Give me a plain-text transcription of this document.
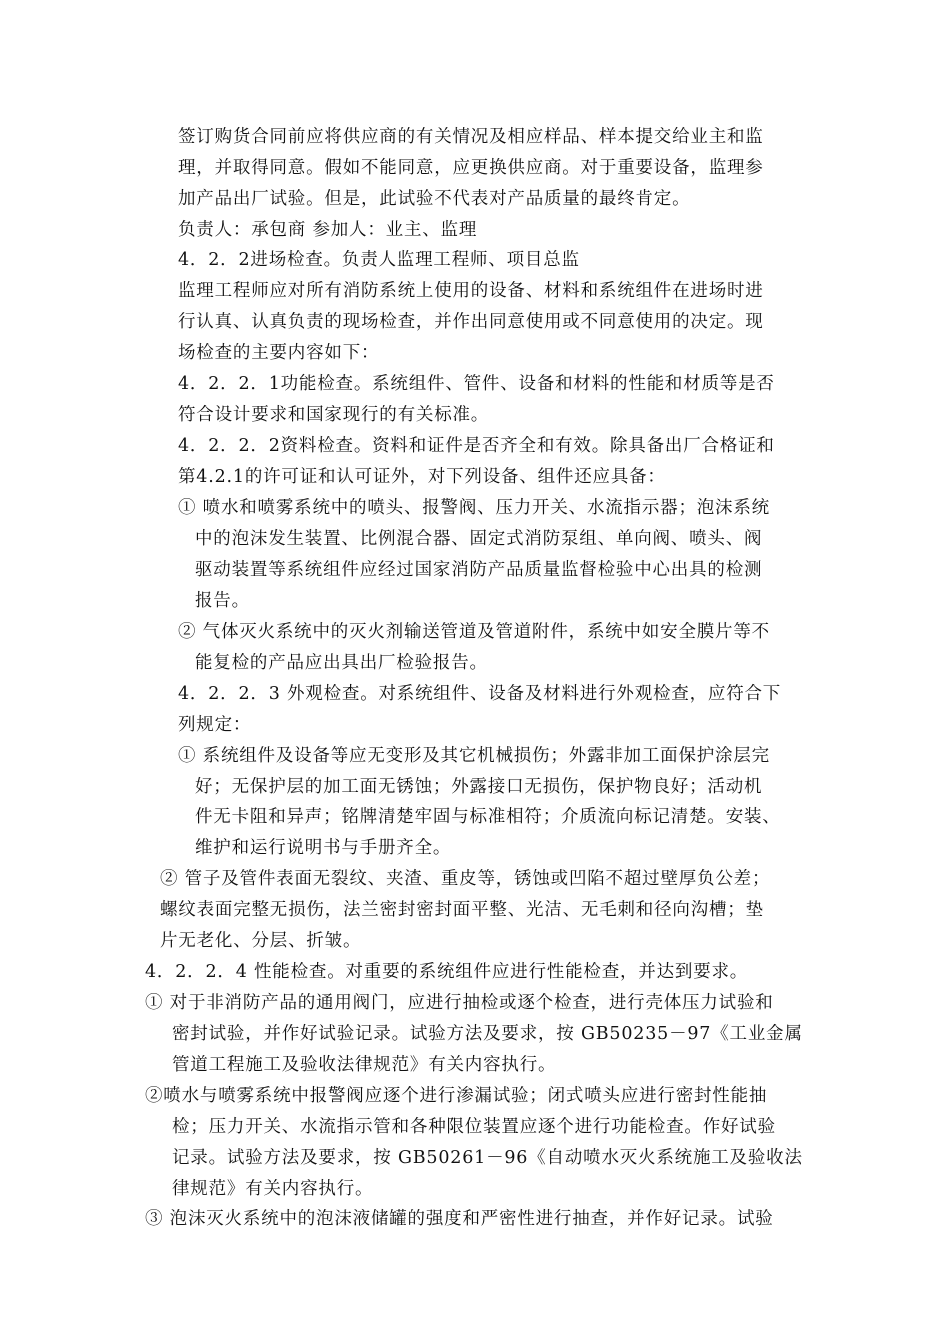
签订购货合同前应将供应商的有关情况及相应样品、样本提交给业主和监
理，并取得同意。假如不能同意，应更换供应商。对于重要设备，监理参
加产品出厂试验。但是，此试验不代表对产品质量的最终肯定。
负责人：承包商 参加人：业主、监理
4．2．2进场检查。负责人监理工程师、项目总监
监理工程师应对所有消防系统上使用的设备、材料和系统组件在进场时进
行认真、认真负责的现场检查，并作出同意使用或不同意使用的决定。现
场检查的主要内容如下：
4．2．2．1功能检查。系统组件、管件、设备和材料的性能和材质等是否
符合设计要求和国家现行的有关标准。
4．2．2．2资料检查。资料和证件是否齐全和有效。除具备出厂合格证和
第4.2.1的许可证和认可证外，对下列设备、组件还应具备：
① 喷水和喷雾系统中的喷头、报警阀、压力开关、水流指示器；泡沫系统
中的泡沫发生装置、比例混合器、固定式消防泵组、单向阀、喷头、阀
驱动装置等系统组件应经过国家消防产品质量监督检验中心出具的检测
报告。
② 气体灭火系统中的灭火剂输送管道及管道附件，系统中如安全膜片等不
能复检的产品应出具出厂检验报告。
4．2．2．3 外观检查。对系统组件、设备及材料进行外观检查，应符合下
列规定：
① 系统组件及设备等应无变形及其它机械损伤；外露非加工面保护涂层完
好；无保护层的加工面无锈蚀；外露接口无损伤，保护物良好；活动机
件无卡阻和异声；铭牌清楚牢固与标准相符；介质流向标记清楚。安装、
维护和运行说明书与手册齐全。
② 管子及管件表面无裂纹、夹渣、重皮等，锈蚀或凹陷不超过壁厚负公差；
螺纹表面完整无损伤，法兰密封密封面平整、光洁、无毛刺和径向沟槽；垫
片无老化、分层、折皱。
4．2．2．4 性能检查。对重要的系统组件应进行性能检查，并达到要求。
① 对于非消防产品的通用阀门，应进行抽检或逐个检查，进行壳体压力试验和
密封试验，并作好试验记录。试验方法及要求，按 GB50235－97《工业金属
管道工程施工及验收法律规范》有关内容执行。
②喷水与喷雾系统中报警阀应逐个进行渗漏试验；闭式喷头应进行密封性能抽
检；压力开关、水流指示管和各种限位装置应逐个进行功能检查。作好试验
记录。试验方法及要求，按 GB50261－96《自动喷水灭火系统施工及验收法
律规范》有关内容执行。
③ 泡沫灭火系统中的泡沫液储罐的强度和严密性进行抽查，并作好记录。试验
